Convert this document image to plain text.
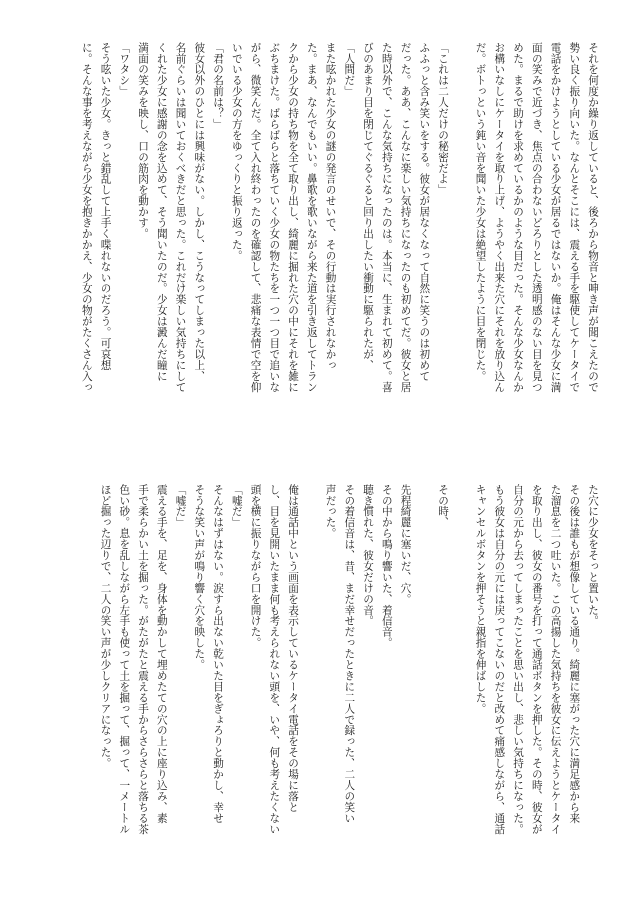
それを何度か繰り返していると、後ろから物音と呻き声が聞こえたので

勢い良く振り向いた。なんとそこには、震える手を駆使してケータイで

電話をかけようとしている少女が居るではないか。俺はそんな少女に満

面の笑みで近づき、焦点の合わないどろりとした透明感のない目を見つ

めた。まるで助けを求めているかのような目だった。そんな少女なんか

お構いなしにケータイを取り上げ、ようやく出来た穴にそれを放り込ん

だ。ボトっという鈍い音を聞いた少女は絶望したように目を閉じた。

「これは二人だけの秘密だよ」

ふふっと含み笑いをする。彼女が居なくなって自然に笑うのは初めて

だった。ああ、こんなに楽しい気持ちになったのも初めてだ。彼女と居

た時以外で、こんな気持ちになったのは。本当に、生まれて初めて。喜

びのあまり目を閉じてぐるぐると回り出したい衝動に駆られたが、

「人間だ」

また呟かれた少女の謎の発言のせいで、その行動は実行されなかっ

た。まあ、なんでもいい。鼻歌を歌いながら来た道を引き返してトラン

クから少女の持ち物を全て取り出し、綺麗に掘れた穴の中にそれを雑に

ぶちまけた。ばらばらと落ちていく少女の物たちを一つ一つ目で追いな

がら、微笑んだ。全て入れ終わったのを確認して、悲痛な表情で空を仰

いでいる少女の方をゆっくりと振り返った。

「君の名前は？」

彼女以外のひとには興味がない。しかし、こうなってしまった以上、

名前ぐらいは聞いておくべきだと思った。これだけ楽しい気持ちにして

くれた少女に感謝の念を込めて、そう聞いたのだ。少女は澱んだ瞳に

満面の笑みを映し、口の筋肉を動かす。

「ワタシ」

そう呟いた少女。きっと錯乱して上手く喋れないのだろう。可哀想

に。そんな事を考えながら少女を抱きかかえ、少女の物がたくさん入っ

た穴に少女をそっと置いた。

その後は誰もが想像している通り。綺麗に塞がった穴に満足感から来

た溜息を二つ吐いた。この高揚した気持ちを彼女に伝えようとケータイ

を取り出し、彼女の番号を打って通話ボタンを押した。その時、彼女が

自分の元から去ってしまったことを思い出し、悲しい気持ちになった。

もう彼女は自分の元には戻ってこないのだと改めて痛感しながら、通話

キャンセルボタンを押そうと親指を伸ばした。

その時、

先程綺麗に塞いだ、穴。

その中から鳴り響いた、着信音。

聴き慣れた、彼女だけの音。

その着信音は、昔、まだ幸せだったときに二人で録った、二人の笑い

声だった。

俺は通話中という画面を表示しているケータイ電話をその場に落と

し、目を見開いたまま何も考えられない頭を、いや、何も考えたくない

頭を横に振りながら口を開けた。

「嘘だ」

そんなはずはない。涙すら出ない乾いた目をぎょろりと動かし、幸せ

そうな笑い声が鳴り響く穴を映した。

「嘘だ」

震える手を、足を、身体を動かして埋めたての穴の上に座り込み、素

手で柔らかい土を掘った。がたがたと震える手からさらさらと落ちる茶

色い砂。息を乱しながら左手も使って土を掘って、掘って、一メートル

ほど掘った辺りで、二人の笑い声が少しクリアになった。
